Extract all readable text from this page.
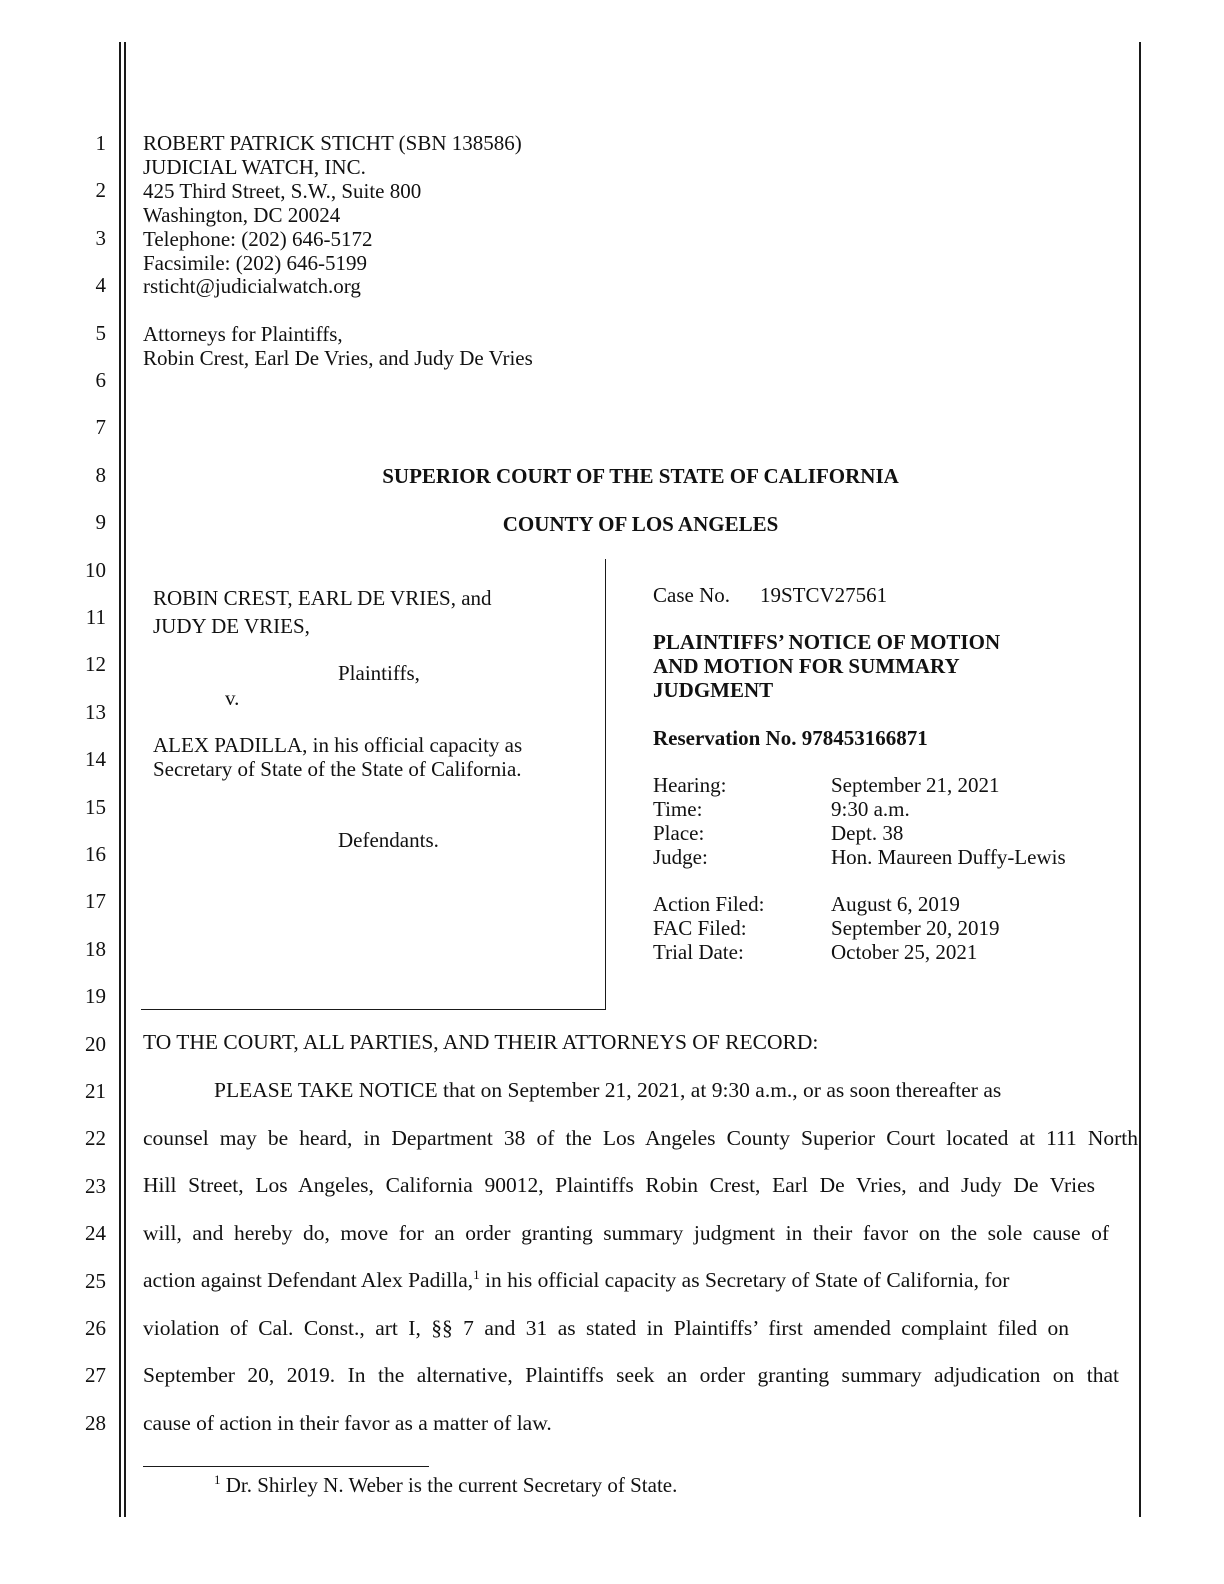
1
2
3
4
5
6
7
8
9
10
11
12
13
14
15
16
17
18
19
20
21
22
23
24
25
26
27
28
ROBERT PATRICK STICHT (SBN 138586)
JUDICIAL WATCH, INC.
425 Third Street, S.W., Suite 800
Washington, DC 20024
Telephone: (202) 646-5172
Facsimile: (202) 646-5199
rsticht@judicialwatch.org
Attorneys for Plaintiffs,
Robin Crest, Earl De Vries, and Judy De Vries
SUPERIOR COURT OF THE STATE OF CALIFORNIA
COUNTY OF LOS ANGELES
ROBIN CREST, EARL DE VRIES, and
JUDY DE VRIES,
Plaintiffs,
v.
ALEX PADILLA, in his official capacity as
Secretary of State of the State of California.
Defendants.
Case No. 19STCV27561
PLAINTIFFS’ NOTICE OF MOTION
AND MOTION FOR SUMMARY
JUDGMENT
Reservation No. 978453166871
Hearing:	September 21, 2021
Time:	9:30 a.m.
Place:	Dept. 38
Judge:	Hon. Maureen Duffy-Lewis
Action Filed:	August 6, 2019
FAC Filed:	September 20, 2019
Trial Date:	October 25, 2021
TO THE COURT, ALL PARTIES, AND THEIR ATTORNEYS OF RECORD:
PLEASE TAKE NOTICE that on September 21, 2021, at 9:30 a.m., or as soon thereafter as
counsel may be heard, in Department 38 of the Los Angeles County Superior Court located at 111 North
Hill Street, Los Angeles, California 90012, Plaintiffs Robin Crest, Earl De Vries, and Judy De Vries
will, and hereby do, move for an order granting summary judgment in their favor on the sole cause of
action against Defendant Alex Padilla,$^1$ in his official capacity as Secretary of State of California, for
violation of Cal. Const., art I, §§ 7 and 31 as stated in Plaintiffs’ first amended complaint filed on
September 20, 2019. In the alternative, Plaintiffs seek an order granting summary adjudication on that
cause of action in their favor as a matter of law.
$^1$ Dr. Shirley N. Weber is the current Secretary of State.
